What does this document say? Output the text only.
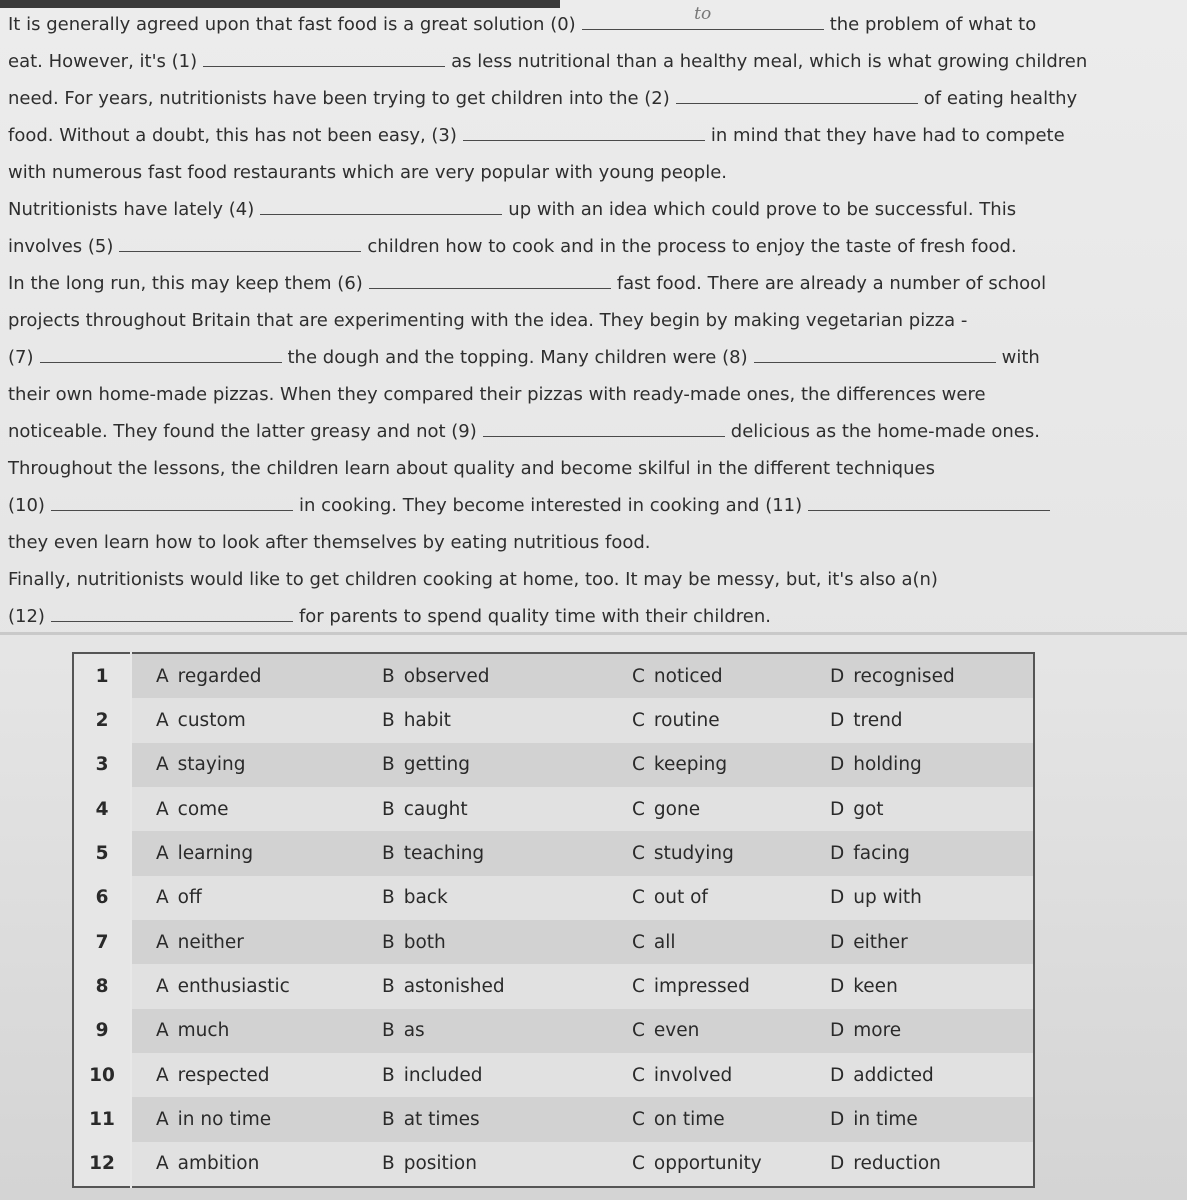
It is generally agreed upon that fast food is a great solution (0)	to	the problem of what to
eat. However, it's (1)	as less nutritional than a healthy meal, which is what growing children
need. For years, nutritionists have been trying to get children into the (2)	of eating healthy
food. Without a doubt, this has not been easy, (3)	in mind that they have had to compete
with numerous fast food restaurants which are very popular with young people.
Nutritionists have lately (4)	up with an idea which could prove to be successful. This
involves (5)	children how to cook and in the process to enjoy the taste of fresh food.
In the long run, this may keep them (6)	fast food. There are already a number of school
projects throughout Britain that are experimenting with the idea. They begin by making vegetarian pizza -
(7)	the dough and the topping. Many children were (8)	with
their own home-made pizzas. When they compared their pizzas with ready-made ones, the differences were
noticeable. They found the latter greasy and not (9)	delicious as the home-made ones.
Throughout the lessons, the children learn about quality and become skilful in the different techniques
(10)	in cooking. They become interested in cooking and (11)
they even learn how to look after themselves by eating nutritious food.
Finally, nutritionists would like to get children cooking at home, too. It may be messy, but, it's also a(n)
(12)	for parents to spend quality time with their children.
1	A regarded	B observed	C noticed	D recognised
2	A custom	B habit	C routine	D trend
3	A staying	B getting	C keeping	D holding
4	A come	B caught	C gone	D got
5	A learning	B teaching	C studying	D facing
6	A off	B back	C out of	D up with
7	A neither	B both	C all	D either
8	A enthusiastic	B astonished	C impressed	D keen
9	A much	B as	C even	D more
10	A respected	B included	C involved	D addicted
11	A in no time	B at times	C on time	D in time
12	A ambition	B position	C opportunity	D reduction
